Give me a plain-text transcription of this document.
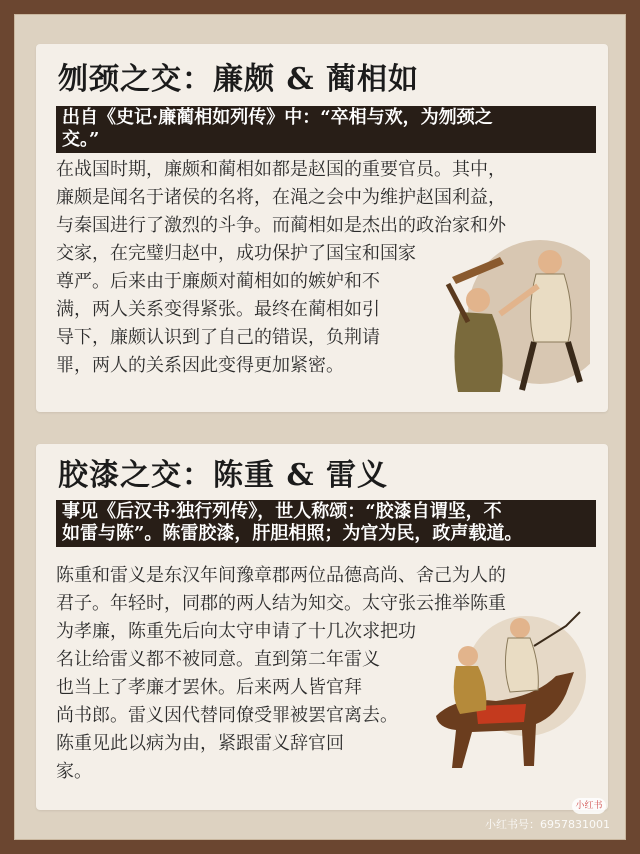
刎颈之交：廉颇 & 蔺相如
出自《史记·廉蔺相如列传》中：“卒相与欢，为刎颈之
交。”
在战国时期，廉颇和蔺相如都是赵国的重要官员。其中，
廉颇是闻名于诸侯的名将，在渑之会中为维护赵国利益，
与秦国进行了激烈的斗争。而蔺相如是杰出的政治家和外
交家，在完璧归赵中，成功保护了国宝和国家
尊严。后来由于廉颇对蔺相如的嫉妒和不
满，两人关系变得紧张。最终在蔺相如引
导下，廉颇认识到了自己的错误，负荆请
罪，两人的关系因此变得更加紧密。
胶漆之交：陈重 & 雷义
事见《后汉书·独行列传》，世人称颂：“胶漆自谓坚，不
如雷与陈”。陈雷胶漆，肝胆相照；为官为民，政声载道。
陈重和雷义是东汉年间豫章郡两位品德高尚、舍己为人的
君子。年轻时，同郡的两人结为知交。太守张云推举陈重
为孝廉，陈重先后向太守申请了十几次求把功
名让给雷义都不被同意。直到第二年雷义
也当上了孝廉才罢休。后来两人皆官拜
尚书郎。雷义因代替同僚受罪被罢官离去。
陈重见此以病为由，紧跟雷义辞官回
家。
小红书
小红书号：6957831001
